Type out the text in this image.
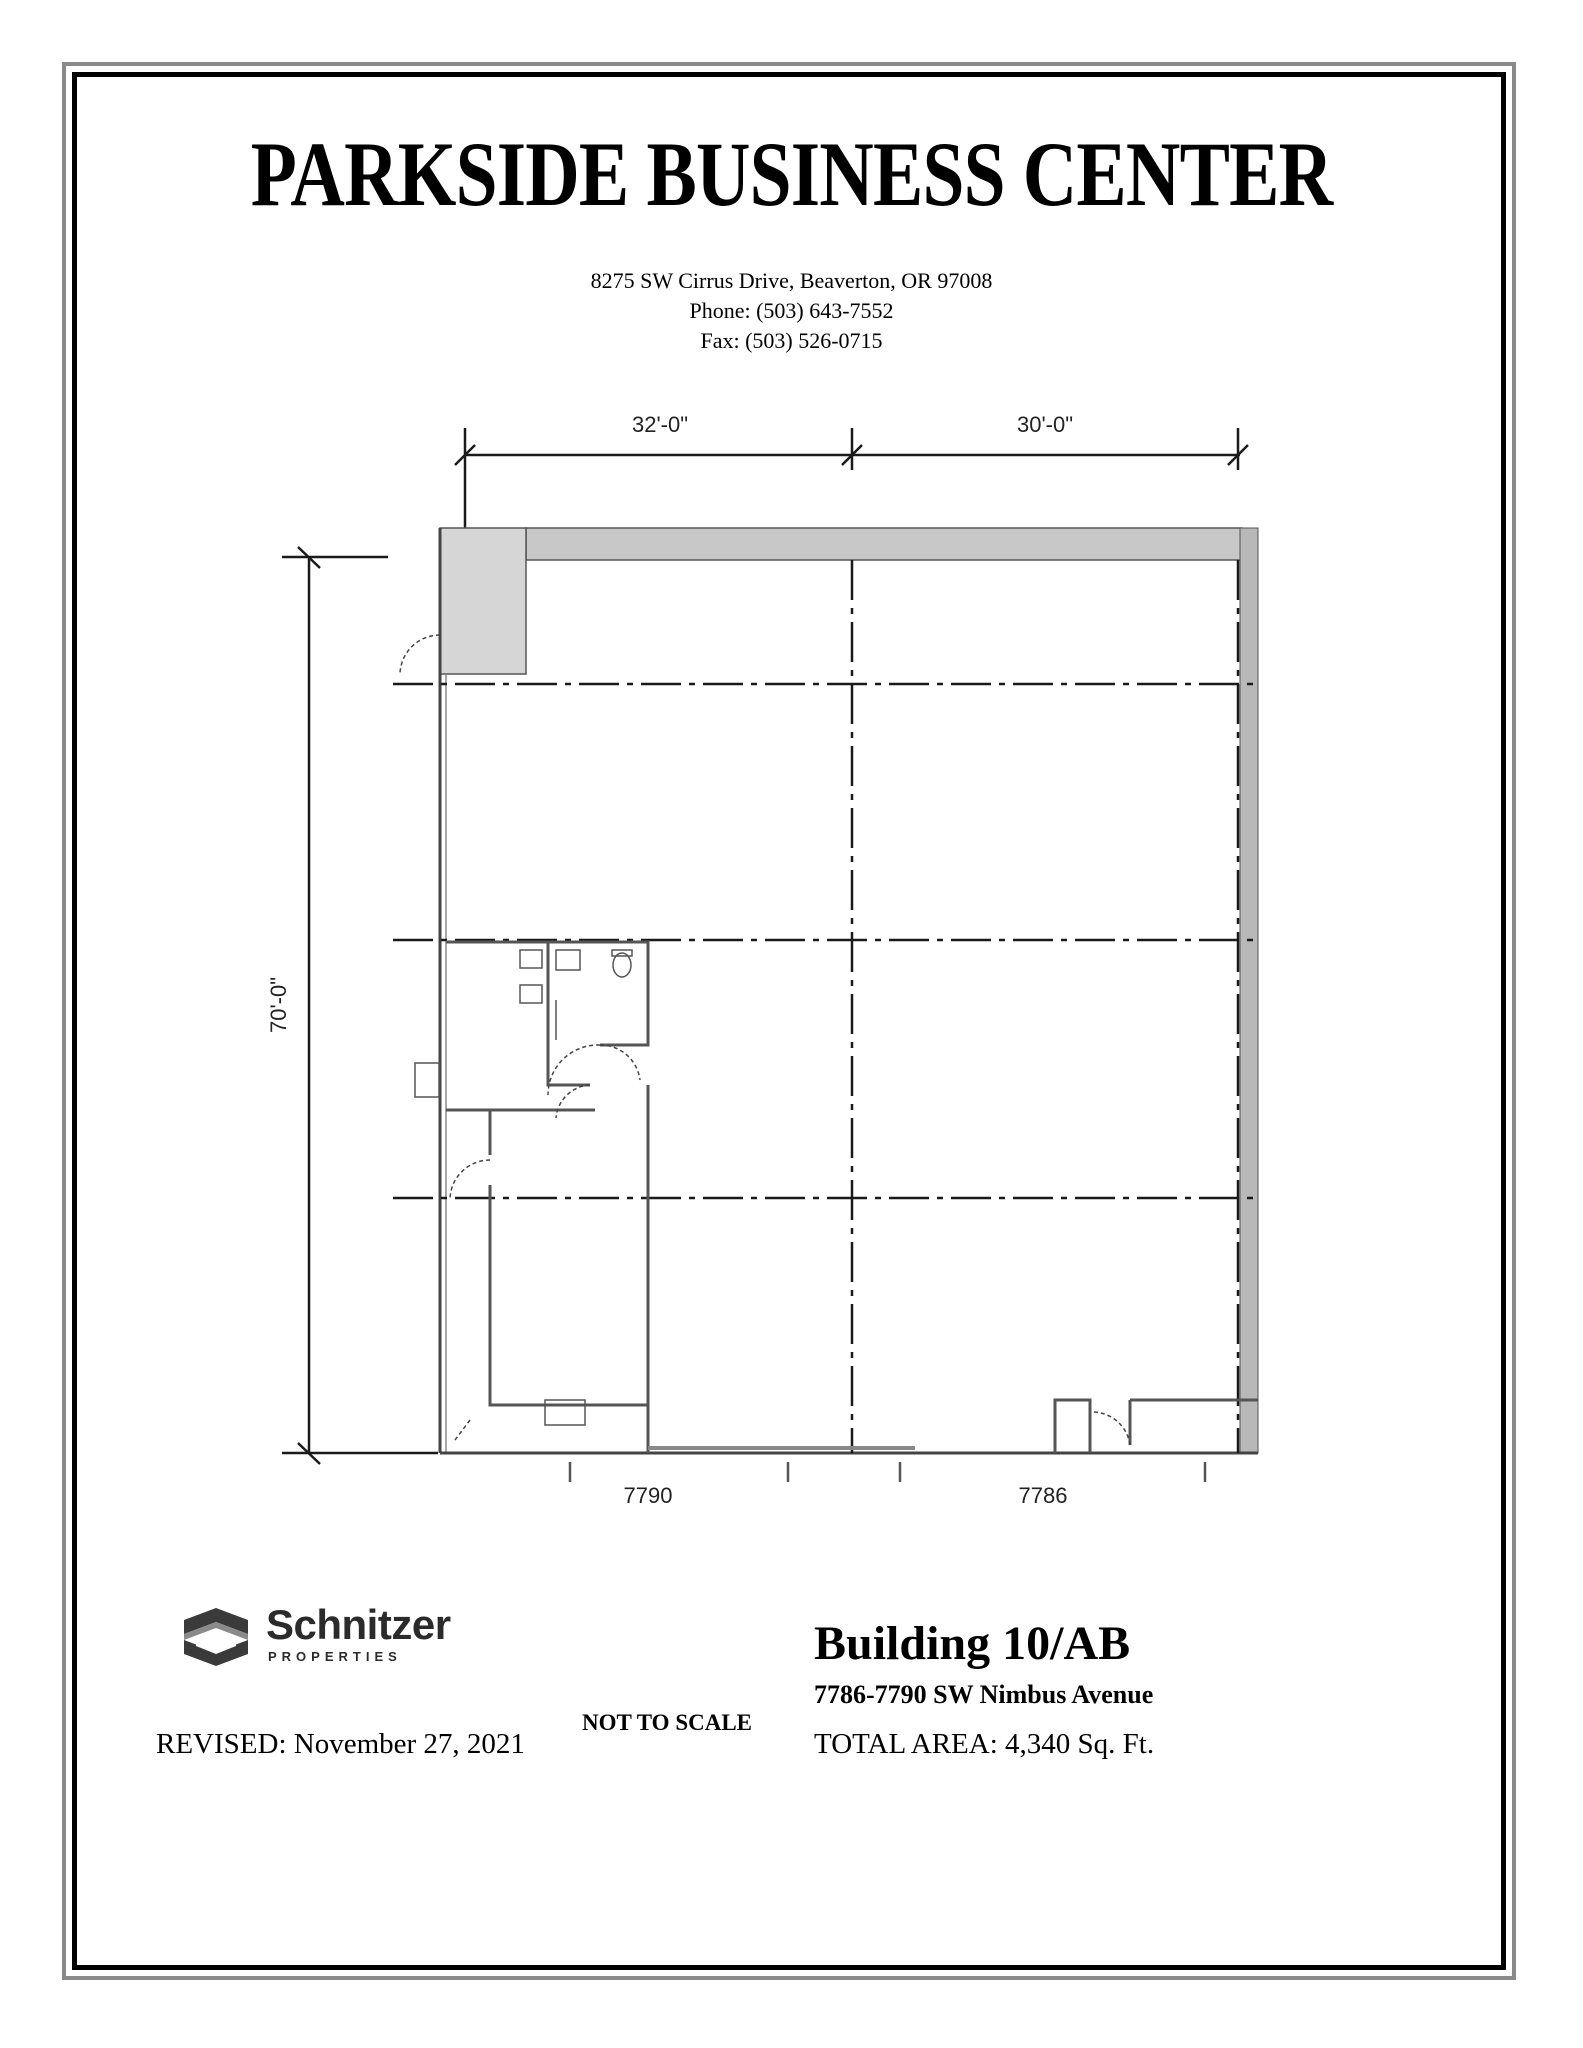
PARKSIDE BUSINESS CENTER
8275 SW Cirrus Drive, Beaverton, OR 97008
Phone: (503) 643-7552
Fax: (503) 526-0715
32'-0"	30'-0"
70'-0"
7790	7786
Schnitzer
PROPERTIES
REVISED: November 27, 2021
NOT TO SCALE
Building 10/AB
7786-7790 SW Nimbus Avenue
TOTAL AREA: 4,340 Sq. Ft.
